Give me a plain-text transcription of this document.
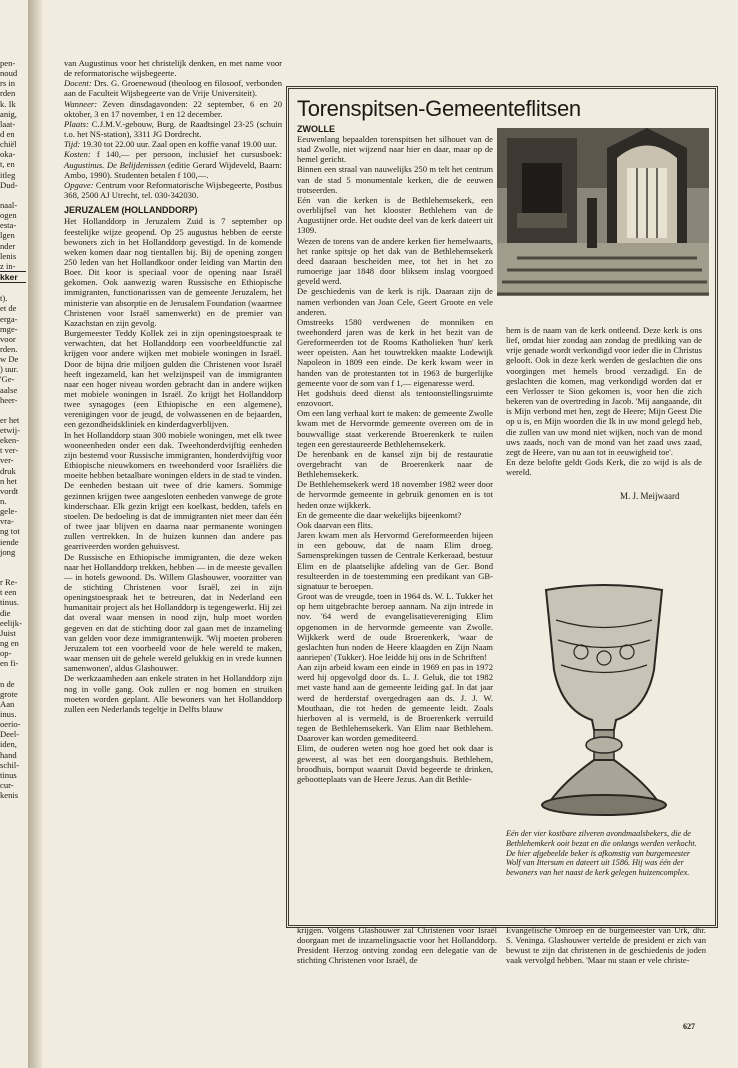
pen-
noud
rs in
rden
k. Ik
anig,
laat-
d en
chiël
oka-
t, en
itleg
Dud-
naal-
ogen
esta-
lgen
nder
lenis
z in-
kker
t).
et de
erga-
mge-
voor
rden.
w De
) uur.
'Ge-
aalse
heer-
er het
etwij-
eken-
t ver-
ver-
druk
n het
vordt
n.
gele-
vra-
ng tot
iende
jong
r Re-
t een
tinus.
die
eelijk-
Juist
ng en
op-
en fi-
n de
grote
Aan
inus.
oerio-
Deel-
iden,
hand
schil-
tinus
cur-
kenis

van Augustinus voor het christelijk denken, en met name voor de reformatorische wijsbegeerte.

Docent: Drs. G. Groenewoud (theoloog en filosoof, verbonden aan de Faculteit Wijsbegeerte van de Vrije Universiteit).

Wanneer: Zeven dinsdagavonden: 22 september, 6 en 20 oktober, 3 en 17 november, 1 en 12 december.

Plaats: C.J.M.V.-gebouw, Burg. de Raadtsingel 23-25 (schuin t.o. het NS-station), 3311 JG Dordrecht.

Tijd: 19.30 tot 22.00 uur. Zaal open en koffie vanaf 19.00 uur.

Kosten: f 140,— per persoon, inclusief het cursusboek: Augustinus. De Belijdenissen (editie Gerard Wijdeveld, Baarn: Ambo, 1990). Studenten betalen f 100,—.

Opgave: Centrum voor Reformatorische Wijsbegeerte, Postbus 368, 2500 AJ Utrecht, tel. 030-342030.

JERUZALEM (HOLLANDDORP)

Het Hollanddorp in Jeruzalem Zuid is 7 september op feestelijke wijze geopend. Op 25 augustus hebben de eerste bewoners zich in het Hollanddorp gevestigd. In de komende weken komen daar nog tientallen bij. Bij de opening zongen 250 leden van het Hollandkoor onder leiding van Martin den Boer. Dit koor is speciaal voor de opening naar Israël gekomen. Ook aanwezig waren Russische en Ethiopische immigranten, functionarissen van de gemeente Jeruzalem, het ministerie van absorptie en de Jerusalem Foundation (waarmee Christenen voor Israël samenwerkt) en de premier van Kazachstan en zijn gevolg.

Burgemeester Teddy Kollek zei in zijn openingstoespraak te verwachten, dat het Hollanddorp een voorbeeldfunctie zal krijgen voor andere wijken met mobiele woningen in Israël. Door de bijna drie miljoen gulden die Christenen voor Israël heeft ingezameld, kan het welzijnspeil van de immigranten naar een hoger niveau worden gebracht dan in andere wijken met mobiele woningen in Israël. Zo krijgt het Hollanddorp twee synagoges (een Ethiopische en een algemene), verenigingen voor de jeugd, de volwassenen en de bejaarden, een gezondheidskliniek en kinderdagverblijven.

In het Hollanddorp staan 300 mobiele woningen, met elk twee wooneenheden onder een dak. Tweehonderdvijftig eenheden zijn bestemd voor Russische immigranten, honderdvijftig voor Ethiopische nieuwkomers en tweehonderd voor Israëliërs die moeite hebben betaalbare woningen elders in de stad te vinden. De eenheden bestaan uit twee of drie kamers. Sommige gezinnen krijgen twee aangesloten eenheden vanwege de grote kinderschaar. Elk gezin krijgt een koelkast, bedden, tafels en stoelen. De bedoeling is dat de immigranten niet meer dan één of twee jaar blijven en daarna naar permanente woningen zullen vertrekken. In de huizen kunnen dan andere pas gearriveerden worden gehuisvest.

De Russische en Ethiopische immigranten, die deze weken naar het Hollanddorp trekken, hebben — in de meeste gevallen — in hotels gewoond. Ds. Willem Glashouwer, voorzitter van de stichting Christenen voor Israël, zei in zijn openingstoespraak het te betreuren, dat in Nederland een humanitair project als het Hollanddorp is tegengewerkt. Hij zei dat overal waar mensen in nood zijn, hulp moet worden gegeven en dat de stichting door zal gaan met de inzameling van gelden voor deze immigrantenwijk. 'Wij moeten proberen Jeruzalem tot een voorbeeld voor de hele wereld te maken, waar mensen uit de gehele wereld gelukkig en in vrede kunnen samenwonen', aldus Glashouwer.

De werkzaamheden aan enkele straten in het Hollanddorp zijn nog in volle gang. Ook zullen er nog bomen en struiken moeten worden geplant. Alle bewoners van het Hollanddorp zullen een Nederlands tegeltje in Delfts blauw

Torenspitsen-Gemeenteflitsen
ZWOLLE

Eeuwenlang bepaalden torenspitsen het silhouet van de stad Zwolle, niet wijzend naar hier en daar, maar op de hemel gericht.

Binnen een straal van nauwelijks 250 m telt het centrum van de stad 5 monumentale kerken, die de eeuwen trotseerden.

Eén van die kerken is de Bethlehemsekerk, een overblijfsel van het klooster Bethlehem van de Augustijner orde. Het oudste deel van de kerk dateert uit 1309.

Wezen de torens van de andere kerken fier hemelwaarts, het ranke spitsje op het dak van de Bethlehemsekerk deed daaraan bescheiden mee, tot het in het zo rumoerige jaar 1848 door bliksem inslag voorgoed geveld werd.

De geschiedenis van de kerk is rijk. Daaraan zijn de namen verbonden van Joan Cele, Geert Groote en vele anderen.

Omstreeks 1580 verdwenen de monniken en tweehonderd jaren was de kerk in het bezit van de Gereformeerden tot de Rooms Katholieken 'hun' kerk weer opeisten. Aan het touwtrekken maakte Lodewijk Napoleon in 1809 een einde. De kerk kwam weer in handen van de protestanten tot in 1963 de burgerlijke gemeente voor de som van f 1,— eigenaresse werd.

Het godshuis deed dienst als tentoonstellingsruimte enzovoort.

Om een lang verhaal kort te maken: de gemeente Zwolle kwam met de Hervormde gemeente overeen om de in bouwvallige staat verkerende Broerenkerk te ruilen tegen een gerestaureerde Bethlehemsekerk.

De herenbank en de kansel zijn bij de restauratie overgebracht van de Broerenkerk naar de Bethlehemsekerk.

De Bethlehemsekerk werd 18 november 1982 weer door de hervormde gemeente in gebruik genomen en is tot heden onze wijkkerk.

En de gemeente die daar wekelijks bijeenkomt?

Ook daarvan een flits.

Jaren kwam men als Hervormd Gereformeerden bijeen in een gebouw, dat de naam Elim droeg. Samensprekingen tussen de Centrale Kerkeraad, bestuur Elim en de plaatselijke afdeling van de Ger. Bond resulteerden in de toestemming een predikant van GB-signatuur te beroepen.

Groot was de vreugde, toen in 1964 ds. W. L. Tukker het op hem uitgebrachte beroep aannam. Na zijn intrede in nov. '64 werd de evangelisatievereniging Elim opgenomen in de hervormde gemeente van Zwolle. Wijkkerk werd de oude Broerenkerk, 'waar de geslachten hun noden de Heere klaagden en Zijn Naam aanriepen' (Tukker). Hoe leidde hij ons in de Schriften!

Aan zijn arbeid kwam een einde in 1969 en pas in 1972 werd hij opgevolgd door ds. L. J. Geluk, die tot 1982 met vaste hand aan de gemeente leiding gaf. In dat jaar werd de herderstaf overgedragen aan ds. J. J. W. Mouthaan, die tot heden de gemeente leidt. Zoals hierboven al is vermeld, is de Broerenkerk verruild tegen de Bethlehemsekerk. Van Elim naar Bethlehem. Daarover kan worden gemediteerd.

Elim, de ouderen weten nog hoe goed het ook daar is geweest, al was het een doorgangshuis. Bethlehem, broodhuis, bornput waaruit David begeerde te drinken, gebootteplaats van de Heere Jezus. Aan dit Bethle-

hem is de naam van de kerk ontleend. Deze kerk is ons lief, omdat hier zondag aan zondag de prediking van de vrije genade wordt verkondigd voor ieder die in Christus gelooft. Ook in deze kerk werden de geslachten die ons voorgingen met hemels brood verzadigd. En de geslachten die komen, mag verkondigd worden dat er een Verlosser te Sion gekomen is, voor hen die zich bekeren van de overtreding in Jacob. 'Mij aangaande, dit is Mijn verbond met hen, zegt de Heere; Mijn Geest Die op u is, en Mijn woorden die Ik in uw mond gelegd heb, die zullen van uw mond niet wijken, noch van de mond uws zaads, noch van de mond van het zaad uws zaad, zegt de Heere, van nu aan tot in eeuwigheid toe'.

En deze belofte geldt Gods Kerk, die zo wijd is als de wereld.

M. J. Meijwaard
Eén der vier kostbare zilveren avondmaalsbekers, die de Bethlehemkerk ooit bezat en die onlangs werden verkocht. De hier afgebeelde beker is afkomstig van burgemeester Wolf van Ittersum en dateert uit 1586. Hij was één der bewoners van het naast de kerk gelegen huizencomplex.
krijgen. Volgens Glashouwer zal Christenen voor Israël doorgaan met de inzamelingsactie voor het Hollanddorp. President Herzog ontving zondag een delegatie van de stichting Christenen voor Israël, de
Evangelische Omroep en de burgemeester van Urk, dhr. S. Veninga. Glashouwer vertelde de president er zich van bewust te zijn dat christenen in de geschiedenis de joden vaak vervolgd hebben. 'Maar nu staan er vele christe-
627
